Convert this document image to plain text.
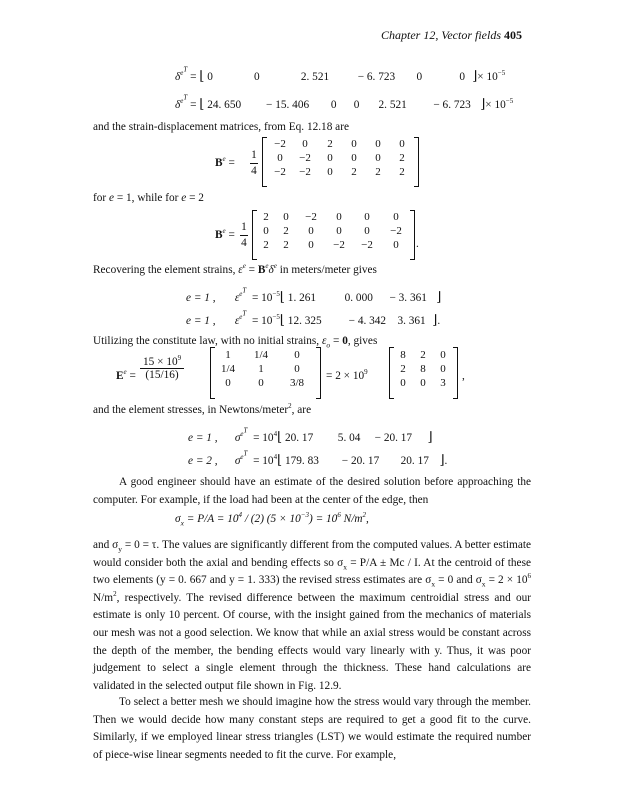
Chapter 12, Vector fields 405
$\delta^{e^T}$ = ⌊ 0	0	2. 521	− 6. 723 0	0 ⌋× $10^{-5}$
$\delta^{e^T}$ = ⌊ 24. 650 − 15. 406 0 0 2. 521 − 6. 723 ⌋× $10^{-5}$
and the strain-displacement matrices, from Eq. 12.18 are
$B^e$ =
1

4
−2	0	2	0	0	0
0	−2	0	0	0	2
−2	−2	0	2	2	2
for e = 1, while for e = 2
$B^e$ =
1

4
2	0	−2	0	0	0
0	2	0	0	0	−2
2	2	0	−2	−2	0 .
Recovering the element strains, $\varepsilon^e = B^e\delta^e$ in meters/meter gives
e = 1 , $\varepsilon^{e^T}$  = $10^{-5}⌊$ 1. 261	0. 000 − 3. 361 ⌋
e = 1 , $\varepsilon^{e^T}$  = $10^{-5}⌊$ 12. 325 − 4. 342 3. 361 ⌋.
Utilizing the constitute law, with no initial strains, $\varepsilon_o = 0$, gives
$E^e$ =
$15 \times 10^9$
(15/16)
1	1/4	0
1/4	1	0
0	0	3/8
= $2 \times 10^9$
8	2	0
2	8	0
0	0	3
,
and the element stresses, in Newtons/meter$^2$, are
e = 1 , $\sigma^{e^T}$  = $10^4⌊$ 20. 17 5. 04 − 20. 17 ⌋
e = 2 , $\sigma^{e^T}$  = $10^4⌊$ 179. 83 − 20. 17 20. 17 ⌋.
A good engineer should have an estimate of the desired solution before approaching the computer. For example, if the load had been at the center of the edge, then
$\sigma_x = P/A = 10^4 / (2) (5 \times 10^{-3}) = 10^6$ $N/m^2$,
and $\sigma_y = 0 = \tau$. The values are significantly different from the computed values. A better estimate would consider both the axial and bending effects so $\sigma_x = P/A \pm Mc / I$. At the centroid of these two elements (y = 0. 667 and y = 1. 333) the revised stress estimates are $\sigma_x = 0$ and $\sigma_x = 2 \times 10^6$ $N/m^2$, respectively. The revised difference between the maximum centroidial stress and our estimate is only 10 percent. Of course, with the insight gained from the mechanics of materials our mesh was not a good selection. We know that while an axial stress would be constant across the depth of the member, the bending effects would vary linearly with y. Thus, it was poor judgement to select a single element through the thickness. These hand calculations are validated in the selected output file shown in Fig. 12.9.
To select a better mesh we should imagine how the stress would vary through the member. Then we would decide how many constant steps are required to get a good fit to the curve. Similarly, if we employed linear stress triangles (LST) we would estimate the required number of piece-wise linear segments needed to fit the curve. For example,
